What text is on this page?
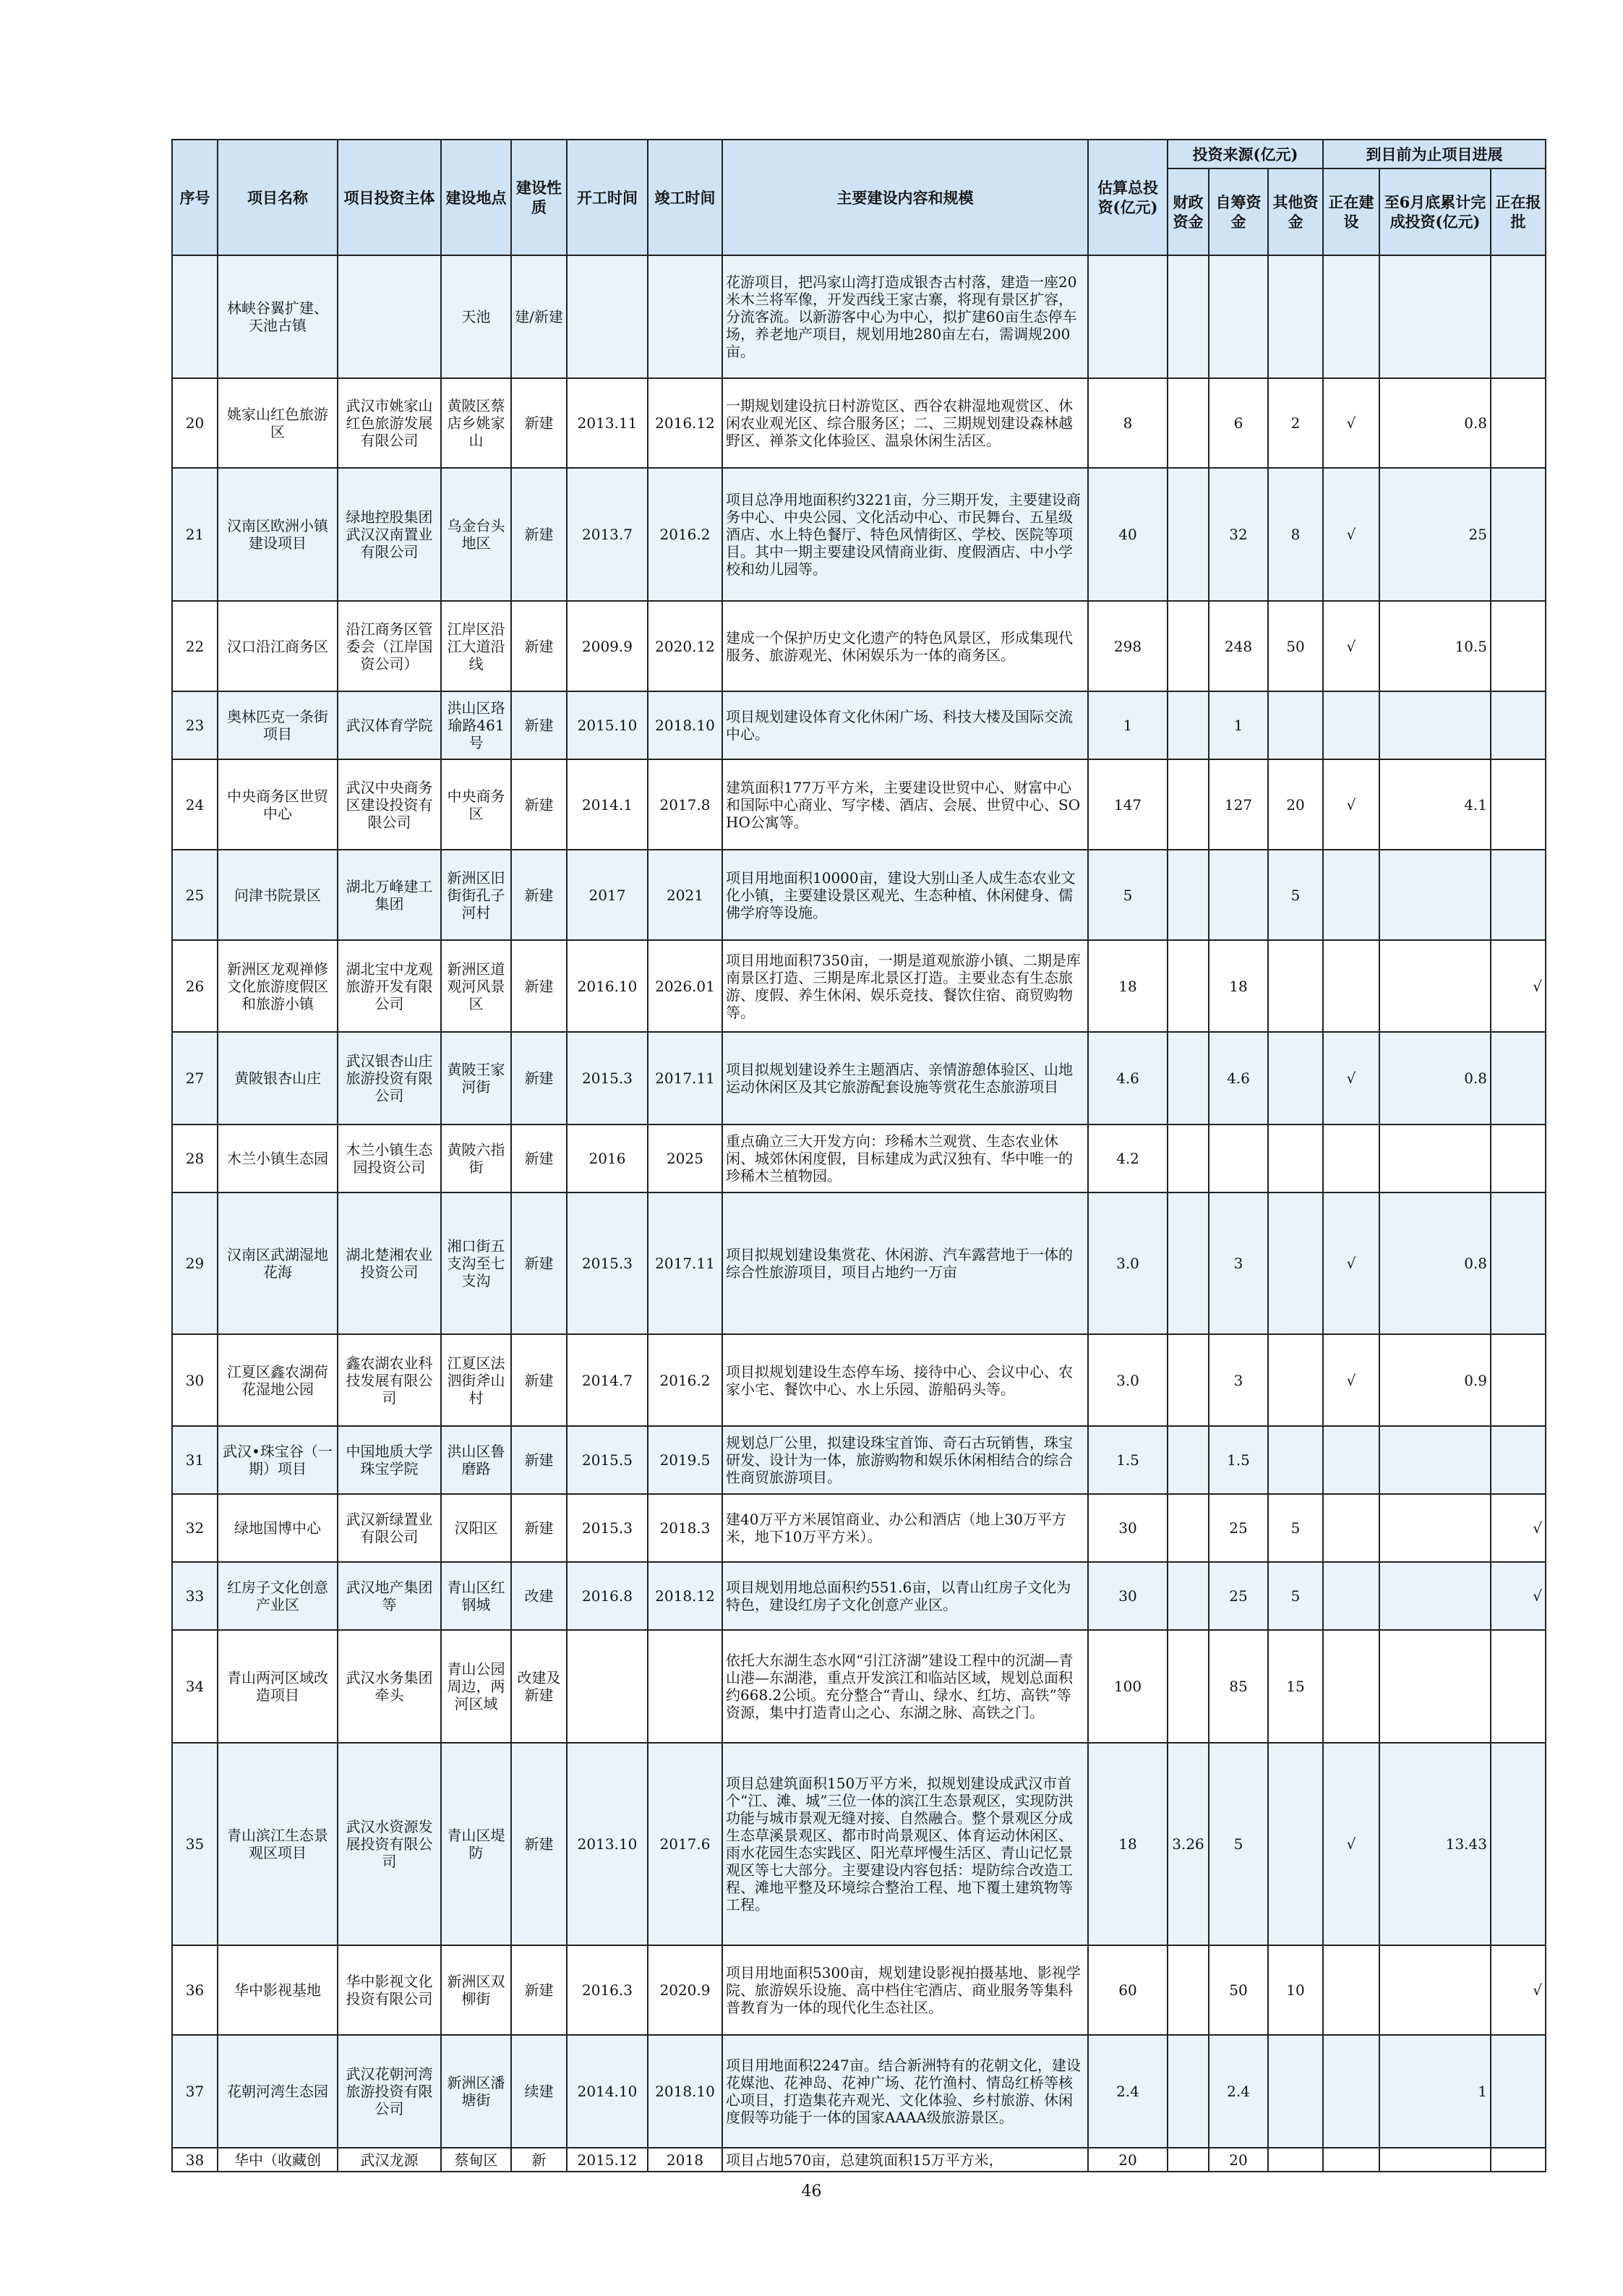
序号	项目名称	项目投资主体	建设地点	建设性质	开工时间	竣工时间	主要建设内容和规模	估算总投资(亿元)	投资来源(亿元)			到目前为止项目进展		
									财政资金	自筹资金	其他资金	正在建设	至6月底累计完成投资(亿元)	正在报批
	林峡谷翼扩建、天池古镇		天池	建/新建			花游项目，把冯家山湾打造成银杏古村落，建造一座20米木兰将军像，开发西线王家古寨，将现有景区扩容，分流客流。以新游客中心为中心，拟扩建60亩生态停车场，养老地产项目，规划用地280亩左右，需调规200亩。							
20	姚家山红色旅游区	武汉市姚家山红色旅游发展有限公司	黄陂区蔡店乡姚家山	新建	2013.11	2016.12	一期规划建设抗日村游览区、西谷农耕湿地观赏区、休闲农业观光区、综合服务区；二、三期规划建设森林越野区、禅茶文化体验区、温泉休闲生活区。	8		6	2	√	0.8	
21	汉南区欧洲小镇建设项目	绿地控股集团武汉汉南置业有限公司	乌金台头地区	新建	2013.7	2016.2	项目总净用地面积约3221亩，分三期开发，主要建设商务中心、中央公园、文化活动中心、市民舞台、五星级酒店、水上特色餐厅、特色风情街区、学校、医院等项目。其中一期主要建设风情商业街、度假酒店、中小学校和幼儿园等。	40		32	8	√	25	
22	汉口沿江商务区	沿江商务区管委会（江岸国资公司）	江岸区沿江大道沿线	新建	2009.9	2020.12	建成一个保护历史文化遗产的特色风景区，形成集现代服务、旅游观光、休闲娱乐为一体的商务区。	298		248	50	√	10.5	
23	奥林匹克一条街项目	武汉体育学院	洪山区珞瑜路461号	新建	2015.10	2018.10	项目规划建设体育文化休闲广场、科技大楼及国际交流中心。	1		1				
24	中央商务区世贸中心	武汉中央商务区建设投资有限公司	中央商务区	新建	2014.1	2017.8	建筑面积177万平方米，主要建设世贸中心、财富中心和国际中心商业、写字楼、酒店、会展、世贸中心、SOHO公寓等。	147		127	20	√	4.1	
25	问津书院景区	湖北万峰建工集团	新洲区旧街街孔子河村	新建	2017	2021	项目用地面积10000亩，建设大别山圣人成生态农业文化小镇，主要建设景区观光、生态种植、休闲健身、儒佛学府等设施。	5			5			
26	新洲区龙观禅修文化旅游度假区和旅游小镇	湖北宝中龙观旅游开发有限公司	新洲区道观河风景区	新建	2016.10	2026.01	项目用地面积7350亩，一期是道观旅游小镇、二期是库南景区打造、三期是库北景区打造。主要业态有生态旅游、度假、养生休闲、娱乐竞技、餐饮住宿、商贸购物等。	18		18				√
27	黄陂银杏山庄	武汉银杏山庄旅游投资有限公司	黄陂王家河街	新建	2015.3	2017.11	项目拟规划建设养生主题酒店、亲情游憩体验区、山地运动休闲区及其它旅游配套设施等赏花生态旅游项目	4.6		4.6		√	0.8	
28	木兰小镇生态园	木兰小镇生态园投资公司	黄陂六指街	新建	2016	2025	重点确立三大开发方向：珍稀木兰观赏、生态农业休闲、城郊休闲度假，目标建成为武汉独有、华中唯一的珍稀木兰植物园。	4.2						
29	汉南区武湖湿地花海	湖北楚湘农业投资公司	湘口街五支沟至七支沟	新建	2015.3	2017.11	项目拟规划建设集赏花、休闲游、汽车露营地于一体的综合性旅游项目，项目占地约一万亩	3.0		3		√	0.8	
30	江夏区鑫农湖荷花湿地公园	鑫农湖农业科技发展有限公司	江夏区法泗街斧山村	新建	2014.7	2016.2	项目拟规划建设生态停车场、接待中心、会议中心、农家小宅、餐饮中心、水上乐园、游船码头等。	3.0		3		√	0.9	
31	武汉•珠宝谷（一期）项目	中国地质大学珠宝学院	洪山区鲁磨路	新建	2015.5	2019.5	规划总厂公里，拟建设珠宝首饰、奇石古玩销售，珠宝研发、设计为一体，旅游购物和娱乐休闲相结合的综合性商贸旅游项目。	1.5		1.5				
32	绿地国博中心	武汉新绿置业有限公司	汉阳区	新建	2015.3	2018.3	建40万平方米展馆商业、办公和酒店（地上30万平方米，地下10万平方米）。	30		25	5			√
33	红房子文化创意产业区	武汉地产集团等	青山区红钢城	改建	2016.8	2018.12	项目规划用地总面积约551.6亩，以青山红房子文化为特色，建设红房子文化创意产业区。	30		25	5			√
34	青山两河区域改造项目	武汉水务集团牵头	青山公园周边，两河区域	改建及新建			依托大东湖生态水网“引江济湖”建设工程中的沉湖—青山港—东湖港，重点开发滨江和临站区域，规划总面积约668.2公顷。充分整合“青山、绿水、红坊、高铁”等资源，集中打造青山之心、东湖之脉、高铁之门。	100		85	15			
35	青山滨江生态景观区项目	武汉水资源发展投资有限公司	青山区堤防	新建	2013.10	2017.6	项目总建筑面积150万平方米，拟规划建设成武汉市首个“江、滩、城”三位一体的滨江生态景观区，实现防洪功能与城市景观无缝对接、自然融合。整个景观区分成生态草溪景观区、都市时尚景观区、体育运动休闲区、雨水花园生态实践区、阳光草坪慢生活区、青山记忆景观区等七大部分。主要建设内容包括：堤防综合改造工程、滩地平整及环境综合整治工程、地下覆土建筑物等工程。	18	3.26	5		√	13.43	
36	华中影视基地	华中影视文化投资有限公司	新洲区双柳街	新建	2016.3	2020.9	项目用地面积5300亩，规划建设影视拍摄基地、影视学院、旅游娱乐设施、高中档住宅酒店、商业服务等集科普教育为一体的现代化生态社区。	60		50	10			√
37	花朝河湾生态园	武汉花朝河湾旅游投资有限公司	新洲区潘塘街	续建	2014.10	2018.10	项目用地面积2247亩。结合新洲特有的花朝文化，建设花媒池、花神岛、花神广场、花竹渔村、情岛红桥等核心项目，打造集花卉观光、文化体验、乡村旅游、休闲度假等功能于一体的国家AAAA级旅游景区。	2.4		2.4			1	
38	华中（收藏创	武汉龙源	蔡甸区	新	2015.12	2018	项目占地570亩，总建筑面积15万平方米，	20		20				
46
